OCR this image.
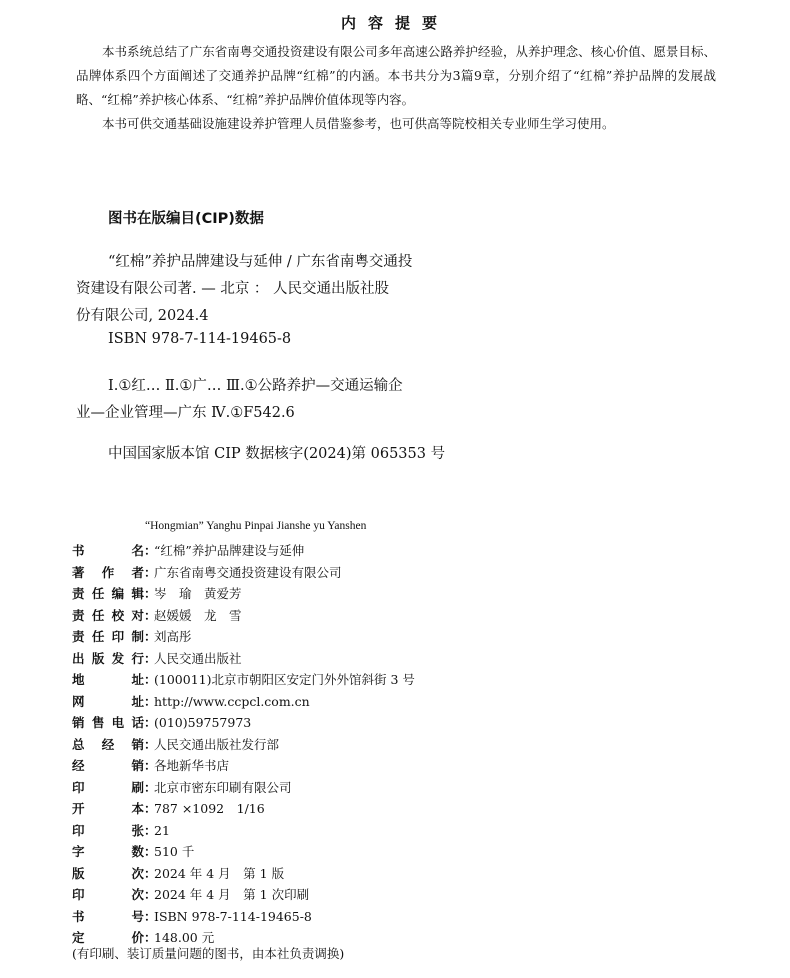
内容提要

本书系统总结了广东省南粤交通投资建设有限公司多年高速公路养护经验，从养护理念、核心价值、愿景目标、品牌体系四个方面阐述了交通养护品牌“红棉”的内涵。本书共分为3篇9章，分别介绍了“红棉”养护品牌的发展战略、“红棉”养护核心体系、“红棉”养护品牌价值体现等内容。

本书可供交通基础设施建设养护管理人员借鉴参考，也可供高等院校相关专业师生学习使用。

图书在版编目(CIP)数据
“红棉”养护品牌建设与延伸 / 广东省南粤交通投
资建设有限公司著. — 北京 ： 人民交通出版社股
份有限公司, 2024.4
ISBN 978-7-114-19465-8
Ⅰ.①红… Ⅱ.①广… Ⅲ.①公路养护—交通运输企
业—企业管理—广东 Ⅳ.①F542.6
中国国家版本馆 CIP 数据核字(2024)第 065353 号
“Hongmian” Yanghu Pinpai Jianshe yu Yanshen
书名 ：
“红棉”养护品牌建设与延伸
著作者 ：
广东省南粤交通投资建设有限公司
责任编辑 ：
岑　瑜　黄爱芳
责任校对 ：
赵媛媛　龙　雪
责任印制 ：
刘高彤
出版发行 ：
人民交通出版社
地址 ：
(100011)北京市朝阳区安定门外外馆斜街 3 号
网址 ：
http://www.ccpcl.com.cn
销售电话 ：
(010)59757973
总经销 ：
人民交通出版社发行部
经销 ：
各地新华书店
印刷 ：
北京市密东印刷有限公司
开本 ：
787 ×1092　1/16
印张 ：
21
字数 ：
510 千
版次 ：
2024 年 4 月　第 1 版
印次 ：
2024 年 4 月　第 1 次印刷
书号 ：
ISBN 978-7-114-19465-8
定价 ：
148.00 元
(有印刷、装订质量问题的图书，由本社负责调换)
